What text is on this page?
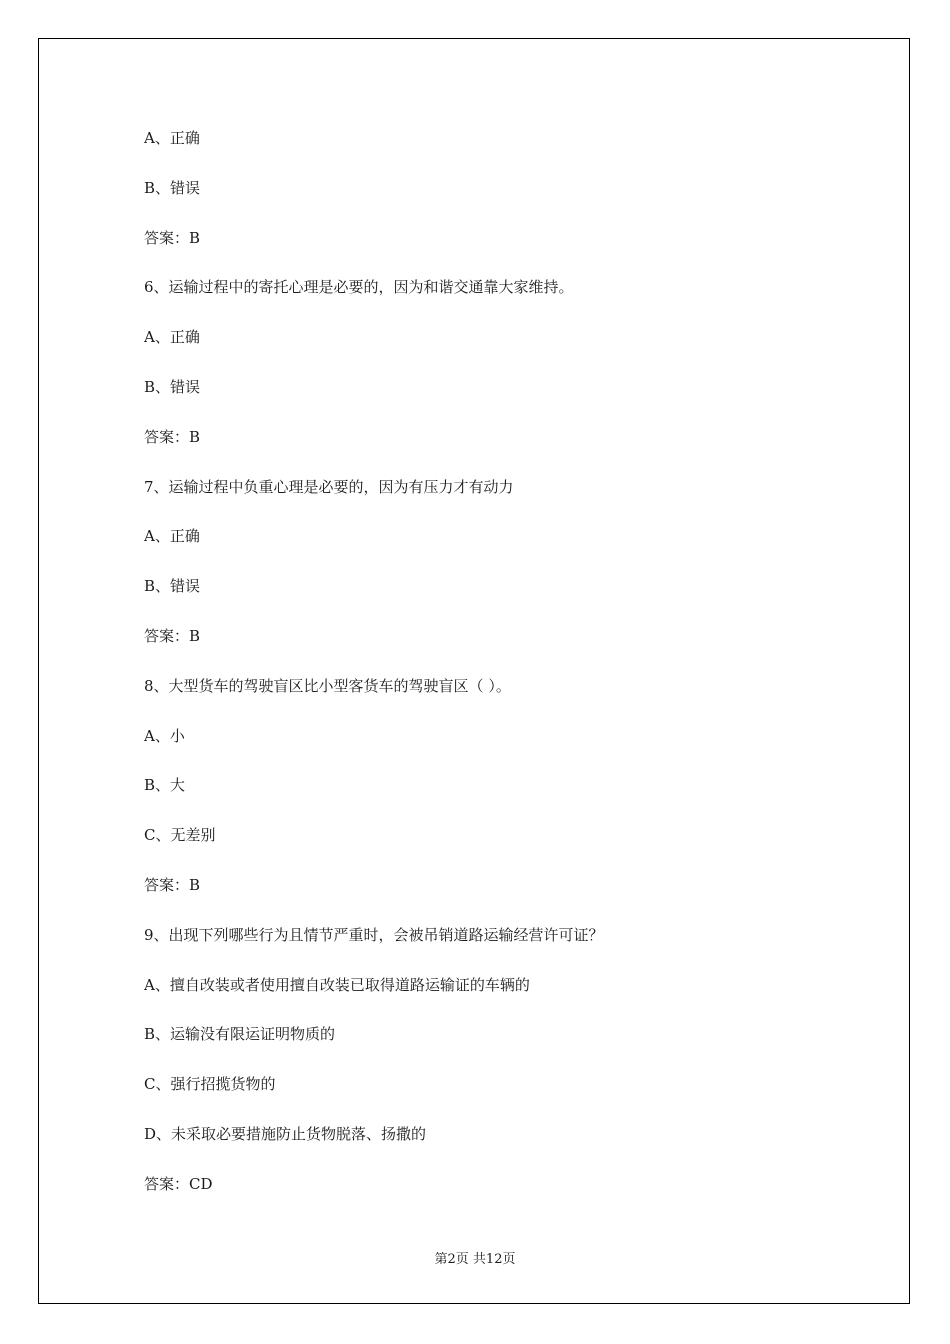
A、正确
B、错误
答案：B
6、运输过程中的寄托心理是必要的，因为和谐交通靠大家维持。
A、正确
B、错误
答案：B
7、运输过程中负重心理是必要的，因为有压力才有动力
A、正确
B、错误
答案：B
8、大型货车的驾驶盲区比小型客货车的驾驶盲区（ ）。
A、小
B、大
C、无差别
答案：B
9、出现下列哪些行为且情节严重时，会被吊销道路运输经营许可证？
A、擅自改装或者使用擅自改装已取得道路运输证的车辆的
B、运输没有限运证明物质的
C、强行招揽货物的
D、未采取必要措施防止货物脱落、扬撒的
答案：CD
第2页 共12页
